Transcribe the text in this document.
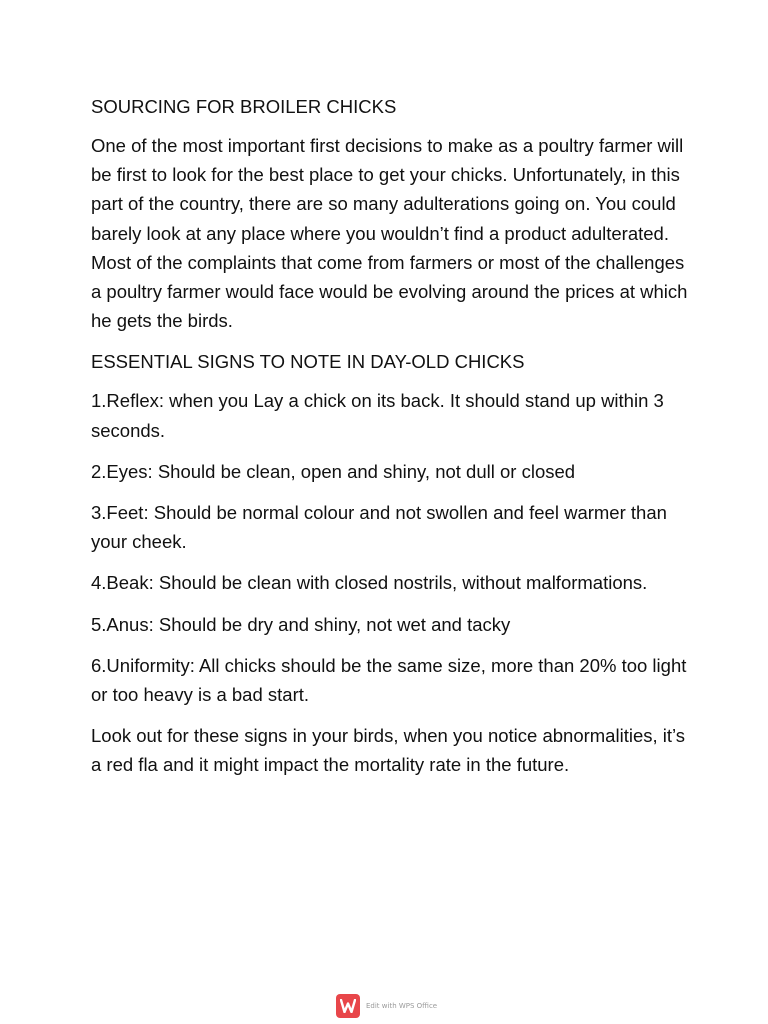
SOURCING FOR BROILER CHICKS

One of the most important first decisions to make as a poultry farmer will be first to look for the best place to get your chicks. Unfortunately, in this part of the country, there are so many adulterations going on. You could barely look at any place where you wouldn’t find a product adulterated. Most of the complaints that come from farmers or most of the challenges a poultry farmer would face would be evolving around the prices at which he gets the birds.

ESSENTIAL SIGNS TO NOTE IN DAY-OLD CHICKS

1.Reflex: when you Lay a chick on its back. It should stand up within 3 seconds.

2.Eyes: Should be clean, open and shiny, not dull or closed

3.Feet: Should be normal colour and not swollen and feel warmer than your cheek.

4.Beak: Should be clean with closed nostrils, without malformations.

5.Anus: Should be dry and shiny, not wet and tacky

6.Uniformity: All chicks should be the same size, more than 20% too light or too heavy is a bad start.

Look out for these signs in your birds, when you notice abnormalities, it’s a red fla and it might impact the mortality rate in the future.

Edit with WPS Office
